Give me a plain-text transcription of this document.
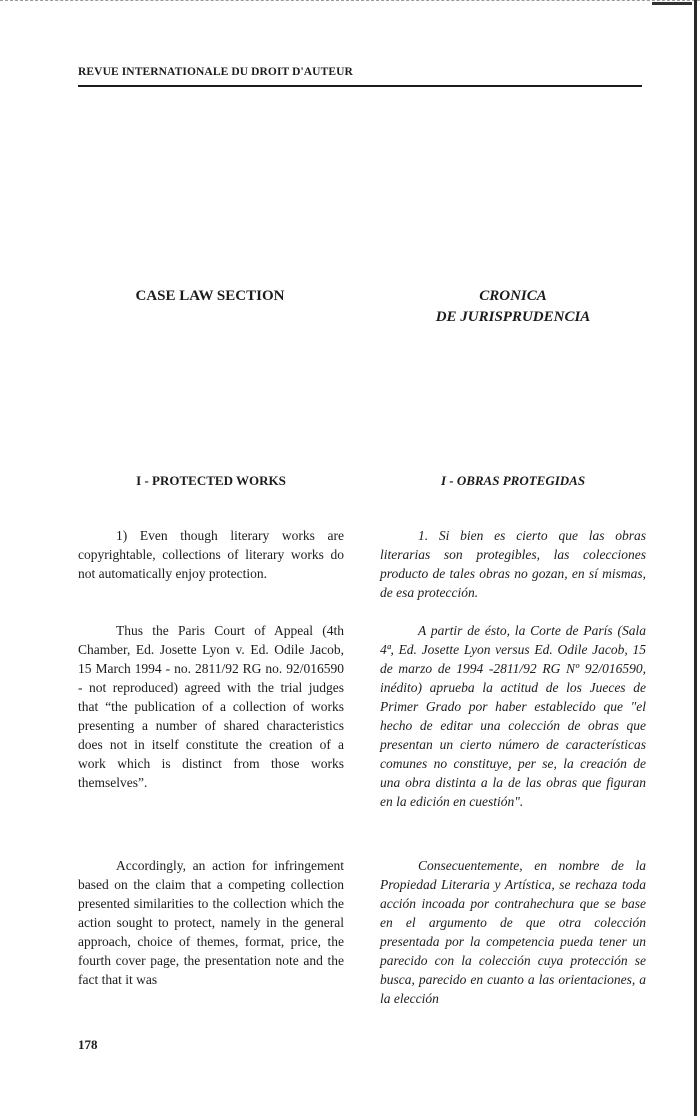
REVUE INTERNATIONALE DU DROIT D'AUTEUR
CASE LAW SECTION	CRONICA
DE JURISPRUDENCIA
I - PROTECTED WORKS	I - OBRAS PROTEGIDAS

1) Even though literary works are copyrightable, collections of literary works do not automatically enjoy protection.

Thus the Paris Court of Appeal (4th Chamber, Ed. Josette Lyon v. Ed. Odile Jacob, 15 March 1994 - no. 2811/92 RG no. 92/016590 - not reproduced) agreed with the trial judges that “the publication of a collection of works presenting a number of shared characteristics does not in itself constitute the creation of a work which is distinct from those works themselves”.

Accordingly, an action for infringement based on the claim that a competing collection presented similarities to the collection which the action sought to protect, namely in the general approach, choice of themes, format, price, the fourth cover page, the presentation note and the fact that it was

1. Si bien es cierto que las obras literarias son protegibles, las colecciones producto de tales obras no gozan, en sí mismas, de esa protección.

A partir de ésto, la Corte de París (Sala 4ª, Ed. Josette Lyon versus Ed. Odile Jacob, 15 de marzo de 1994 -2811/92 RG Nº 92/016590, inédito) aprueba la actitud de los Jueces de Primer Grado por haber establecido que "el hecho de editar una colección de obras que presentan un cierto número de características comunes no constituye, per se, la creación de una obra distinta a la de las obras que figuran en la edición en cuestión".

Consecuentemente, en nombre de la Propiedad Literaria y Artística, se rechaza toda acción incoada por contrahechura que se base en el argumento de que otra colección presentada por la competencia pueda tener un parecido con la colección cuya protección se busca, parecido en cuanto a las orientaciones, a la elección

178
